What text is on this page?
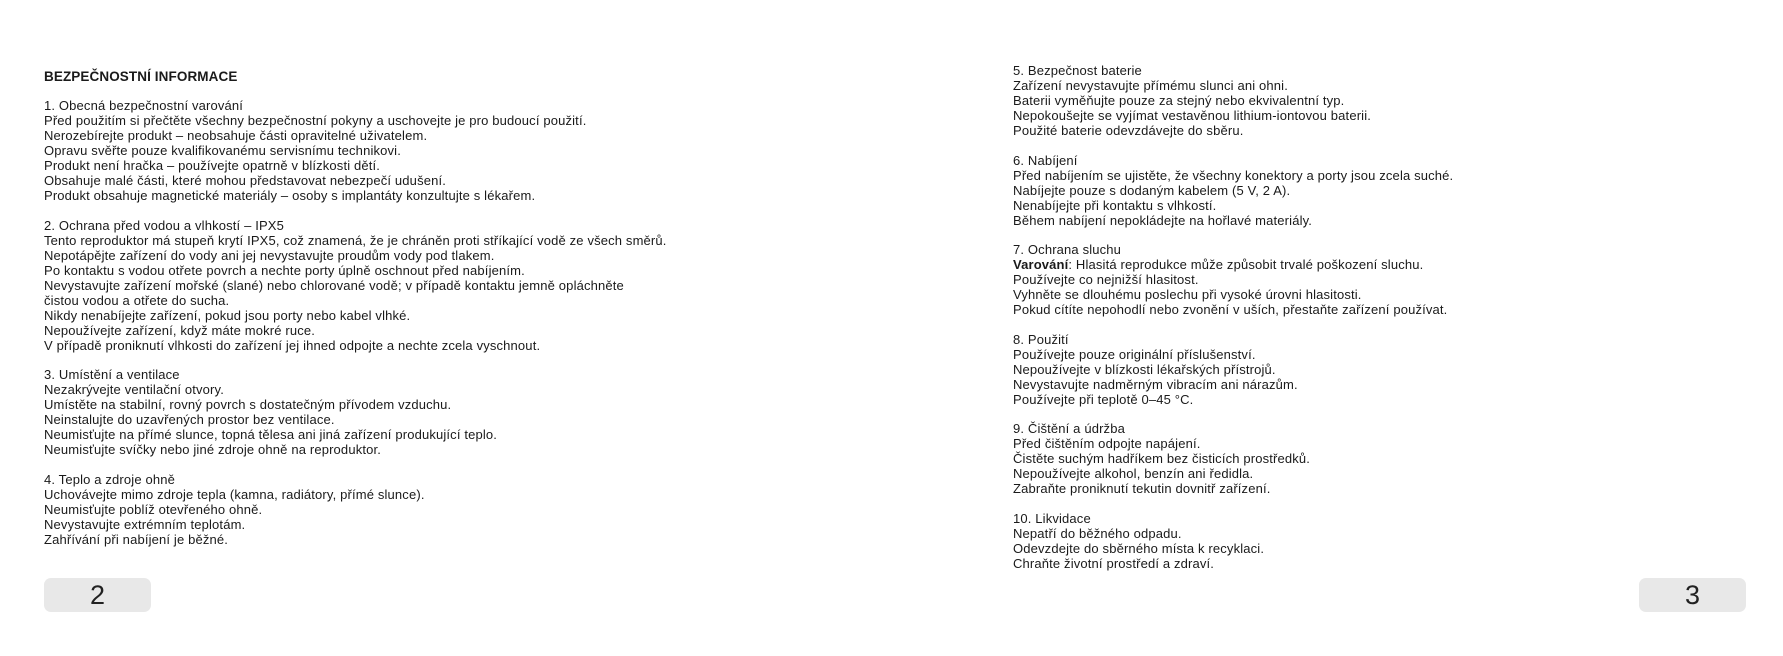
BEZPEČNOSTNÍ INFORMACE

1. Obecná bezpečnostní varování

Před použitím si přečtěte všechny bezpečnostní pokyny a uschovejte je pro budoucí použití.

Nerozebírejte produkt – neobsahuje části opravitelné uživatelem.

Opravu svěřte pouze kvalifikovanému servisnímu technikovi.

Produkt není hračka – používejte opatrně v blízkosti dětí.

Obsahuje malé části, které mohou představovat nebezpečí udušení.

Produkt obsahuje magnetické materiály – osoby s implantáty konzultujte s lékařem.

2. Ochrana před vodou a vlhkostí – IPX5

Tento reproduktor má stupeň krytí IPX5, což znamená, že je chráněn proti stříkající vodě ze všech směrů.

Nepotápějte zařízení do vody ani jej nevystavujte proudům vody pod tlakem.

Po kontaktu s vodou otřete povrch a nechte porty úplně oschnout před nabíjením.

Nevystavujte zařízení mořské (slané) nebo chlorované vodě; v případě kontaktu jemně opláchněte

čistou vodou a otřete do sucha.

Nikdy nenabíjejte zařízení, pokud jsou porty nebo kabel vlhké.

Nepoužívejte zařízení, když máte mokré ruce.

V případě proniknutí vlhkosti do zařízení jej ihned odpojte a nechte zcela vyschnout.

3. Umístění a ventilace

Nezakrývejte ventilační otvory.

Umístěte na stabilní, rovný povrch s dostatečným přívodem vzduchu.

Neinstalujte do uzavřených prostor bez ventilace.

Neumisťujte na přímé slunce, topná tělesa ani jiná zařízení produkující teplo.

Neumisťujte svíčky nebo jiné zdroje ohně na reproduktor.

4. Teplo a zdroje ohně

Uchovávejte mimo zdroje tepla (kamna, radiátory, přímé slunce).

Neumisťujte poblíž otevřeného ohně.

Nevystavujte extrémním teplotám.

Zahřívání při nabíjení je běžné.

2

5. Bezpečnost baterie

Zařízení nevystavujte přímému slunci ani ohni.

Baterii vyměňujte pouze za stejný nebo ekvivalentní typ.

Nepokoušejte se vyjímat vestavěnou lithium-iontovou baterii.

Použité baterie odevzdávejte do sběru.

6. Nabíjení

Před nabíjením se ujistěte, že všechny konektory a porty jsou zcela suché.

Nabíjejte pouze s dodaným kabelem (5 V, 2 A).

Nenabíjejte při kontaktu s vlhkostí.

Během nabíjení nepokládejte na hořlavé materiály.

7. Ochrana sluchu

Varování: Hlasitá reprodukce může způsobit trvalé poškození sluchu.

Používejte co nejnižší hlasitost.

Vyhněte se dlouhému poslechu při vysoké úrovni hlasitosti.

Pokud cítíte nepohodlí nebo zvonění v uších, přestaňte zařízení používat.

8. Použití

Používejte pouze originální příslušenství.

Nepoužívejte v blízkosti lékařských přístrojů.

Nevystavujte nadměrným vibracím ani nárazům.

Používejte při teplotě 0–45 °C.

9. Čištění a údržba

Před čištěním odpojte napájení.

Čistěte suchým hadříkem bez čisticích prostředků.

Nepoužívejte alkohol, benzín ani ředidla.

Zabraňte proniknutí tekutin dovnitř zařízení.

10. Likvidace

Nepatří do běžného odpadu.

Odevzdejte do sběrného místa k recyklaci.

Chraňte životní prostředí a zdraví.

3
